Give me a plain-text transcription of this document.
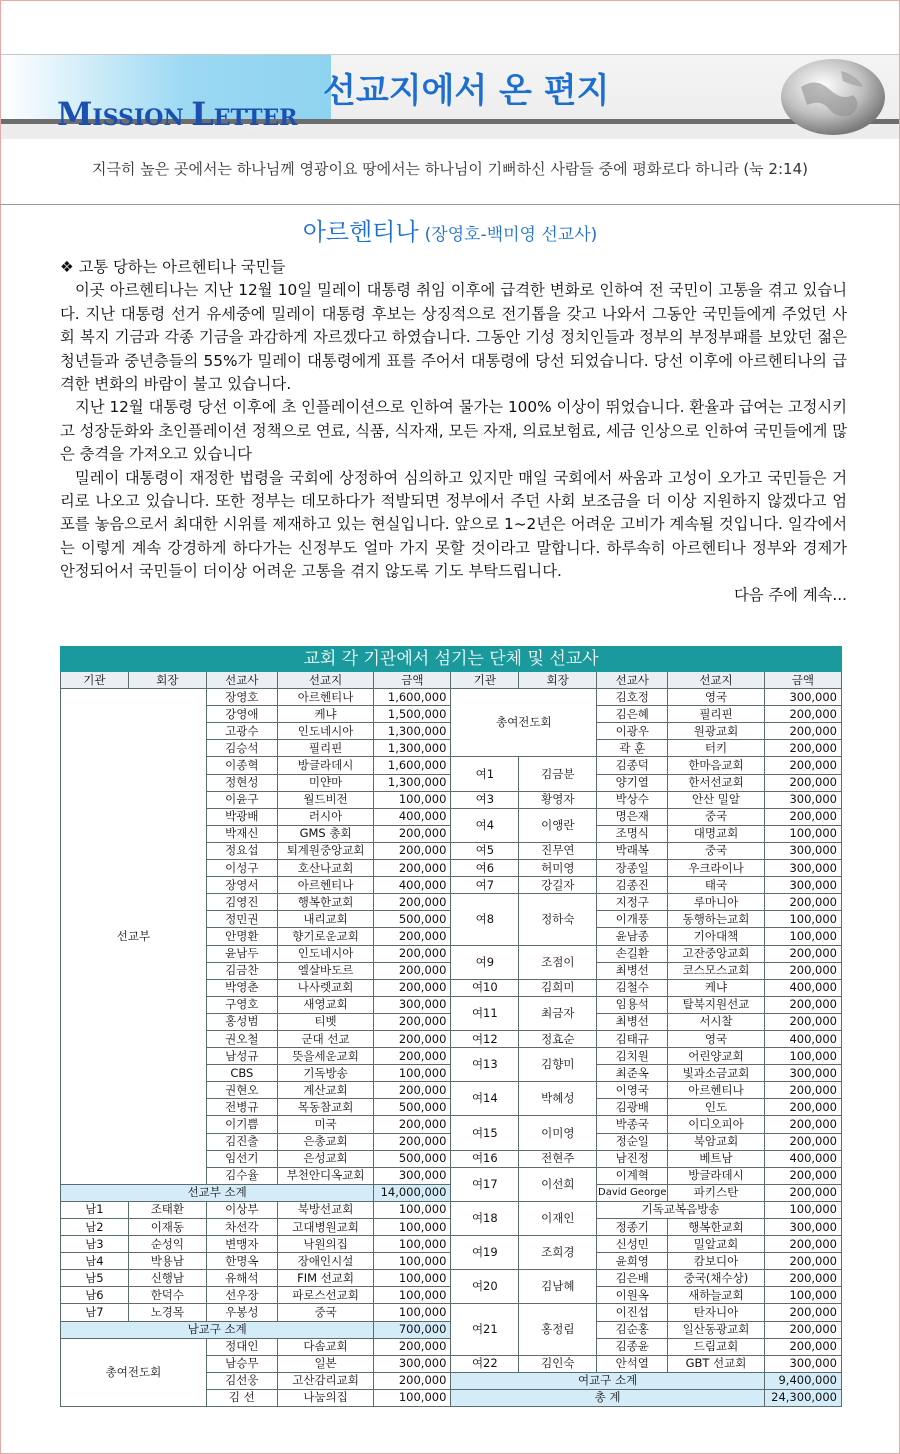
MISSION LETTER
선교지에서 온 편지
지극히 높은 곳에서는 하나님께 영광이요 땅에서는 하나님이 기뻐하신 사람들 중에 평화로다 하니라 (눅 2:14)
아르헨티나 (장영호-백미영 선교사)

❖ 고통 당하는 아르헨티나 국민들

이곳 아르헨티나는 지난 12월 10일 밀레이 대통령 취임 이후에 급격한 변화로 인하여 전 국민이 고통을 겪고 있습니다. 지난 대통령 선거 유세중에 밀레이 대통령 후보는 상징적으로 전기톱을 갖고 나와서 그동안 국민들에게 주었던 사회 복지 기금과 각종 기금을 과감하게 자르겠다고 하였습니다. 그동안 기성 정치인들과 정부의 부정부패를 보았던 젊은 청년들과 중년층들의 55%가 밀레이 대통령에게 표를 주어서 대통령에 당선 되었습니다. 당선 이후에 아르헨티나의 급격한 변화의 바람이 불고 있습니다.

지난 12월 대통령 당선 이후에 초 인플레이션으로 인하여 물가는 100% 이상이 뛰었습니다. 환율과 급여는 고정시키고 성장둔화와 초인플레이션 정책으로 연료, 식품, 식자재, 모든 자재, 의료보험료, 세금 인상으로 인하여 국민들에게 많은 충격을 가져오고 있습니다

밀레이 대통령이 재정한 법령을 국회에 상정하여 심의하고 있지만 매일 국회에서 싸움과 고성이 오가고 국민들은 거리로 나오고 있습니다. 또한 정부는 데모하다가 적발되면 정부에서 주던 사회 보조금을 더 이상 지원하지 않겠다고 엄포를 놓음으로서 최대한 시위를 제재하고 있는 현실입니다. 앞으로 1~2년은 어려운 고비가 계속될 것입니다. 일각에서는 이렇게 계속 강경하게 하다가는 신정부도 얼마 가지 못할 것이라고 말합니다. 하루속히 아르헨티나 정부와 경제가 안정되어서 국민들이 더이상 어려운 고통을 겪지 않도록 기도 부탁드립니다.

다음 주에 계속...

교회 각 기관에서 섬기는 단체 및 선교사									
기관	회장	선교사	선교지	금액	기관	회장	선교사	선교지	금액
선교부		장영호	아르헨티나	1,600,000	총여전도회		김호정	영국	300,000
		강영애	케냐	1,500,000			김은혜	필리핀	200,000
		고광수	인도네시아	1,300,000			이광우	원광교회	200,000
		김승석	필리핀	1,300,000			곽 훈	터키	200,000
		이종혁	방글라데시	1,600,000	여1	김금분	김종덕	한마음교회	200,000
		정현성	미얀마	1,300,000			양기열	한서선교회	200,000
		이윤구	월드비전	100,000	여3	황영자	박상수	안산 밀알	300,000
		박광배	러시아	400,000	여4	이앵란	명은재	중국	200,000
		박재신	GMS 총회	200,000			조명식	대명교회	100,000
		정요섭	퇴계원중앙교회	200,000	여5	진무연	박래복	중국	300,000
		이성구	호산나교회	200,000	여6	허미영	장종일	우크라이나	300,000
		장영서	아르헨티나	400,000	여7	강길자	김종진	태국	300,000
		김영진	행복한교회	200,000	여8	정하숙	지정구	루마니아	200,000
		정민권	내리교회	500,000			이개풍	동행하는교회	100,000
		안명환	향기로운교회	200,000			윤남종	기아대책	100,000
		윤남두	인도네시아	200,000	여9	조점이	손길환	고잔중앙교회	200,000
		김금찬	엘살바도르	200,000			최병선	코스모스교회	200,000
		박영춘	나사렛교회	200,000	여10	김희미	김철수	케냐	400,000
		구영호	새영교회	300,000	여11	최금자	임용석	탈북지원선교	200,000
		홍성범	티벳	200,000			최병선	서시찰	200,000
		권오철	군대 선교	200,000	여12	정효순	김태규	영국	400,000
		남성규	뜻을세운교회	200,000	여13	김향미	김치원	어린양교회	100,000
		CBS	기독방송	100,000			최준옥	빛과소금교회	300,000
		권현오	계산교회	200,000	여14	박혜성	이영국	아르헨티나	200,000
		전병규	목동참교회	500,000			김광배	인도	200,000
		이기쁨	미국	200,000	여15	이미영	박종국	이디오피아	200,000
		김진출	은총교회	200,000			정순일	북암교회	200,000
		임선기	은성교회	500,000	여16	전현주	남진정	베트남	400,000
		김수율	부천안디옥교회	300,000	여17	이선희	이계혁	방글라데시	200,000
선교부 소계				14,000,000			David George	파키스탄	200,000
남1	조태환	이상부	북방선교회	100,000	여18	이재인	기독교복음방송		100,000
남2	이재동	차선각	고대병원교회	100,000			정종기	행복한교회	300,000
남3	순성익	변맹자	낙원의집	100,000	여19	조희경	신성민	밀알교회	200,000
남4	박용남	한명옥	장애인시설	100,000			윤희영	캄보디아	200,000
남5	신행남	유해석	FIM 선교회	100,000	여20	김남혜	김은배	중국(채수상)	200,000
남6	한덕수	선우장	파로스선교회	100,000			이원옥	새하늘교회	100,000
남7	노경목	우봉성	중국	100,000	여21	홍정림	이진섭	탄자니아	200,000
남교구 소계				700,000			김순홍	일산동광교회	200,000
총여전도회		정대인	다솜교회	200,000			김종윤	드림교회	200,000
		남승무	일본	300,000	여22	김인숙	안석열	GBT 선교회	300,000
		김선웅	고산감리교회	200,000	여교구 소계				9,400,000
		김 선	나눔의집	100,000	총 계				24,300,000
